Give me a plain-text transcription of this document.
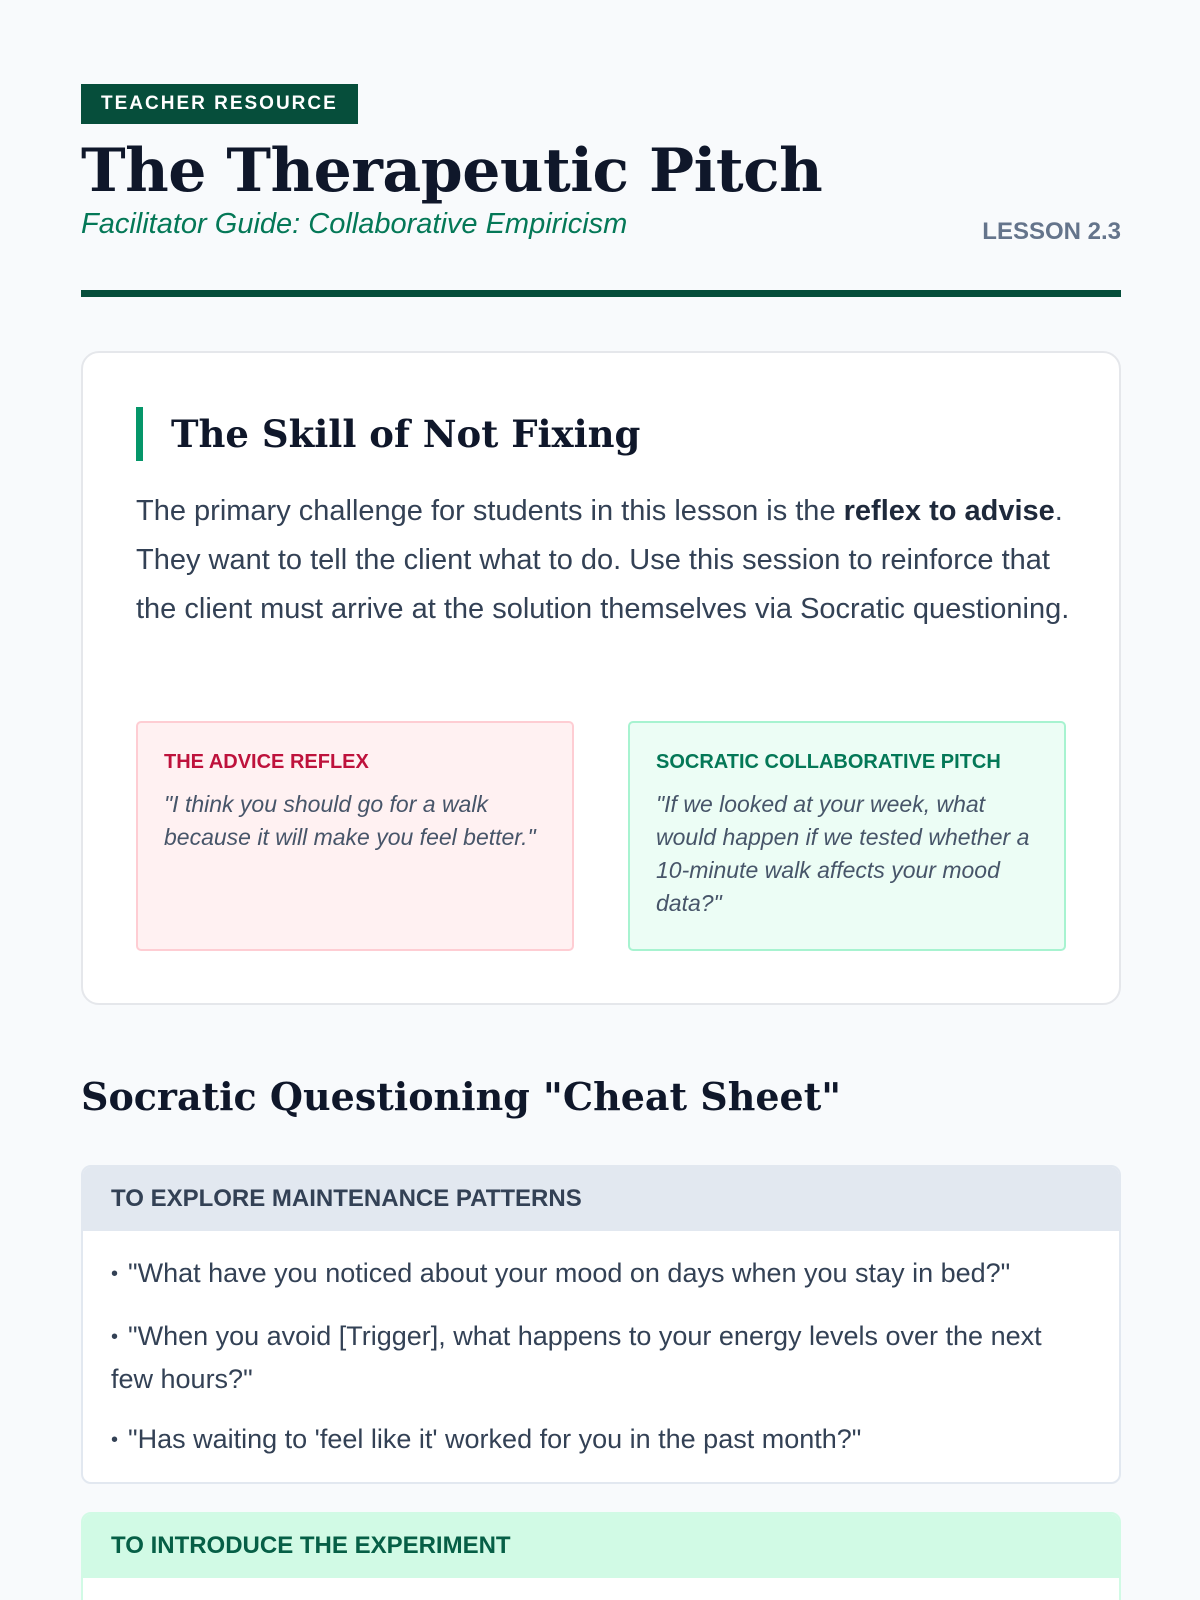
TEACHER RESOURCE
The Therapeutic Pitch
Facilitator Guide: Collaborative Empiricism	LESSON 2.3
The Skill of Not Fixing

The primary challenge for students in this lesson is the reflex to advise. They want to tell the client what to do. Use this session to reinforce that the client must arrive at the solution themselves via Socratic questioning.

THE ADVICE REFLEX
"I think you should go for a walk because it will make you feel better."
SOCRATIC COLLABORATIVE PITCH
"If we looked at your week, what would happen if we tested whether a 10-minute walk affects your mood data?"
Socratic Questioning "Cheat Sheet"
TO EXPLORE MAINTENANCE PATTERNS
• "What have you noticed about your mood on days when you stay in bed?"
• "When you avoid [Trigger], what happens to your energy levels over the next few hours?"
• "Has waiting to 'feel like it' worked for you in the past month?"
TO INTRODUCE THE EXPERIMENT
